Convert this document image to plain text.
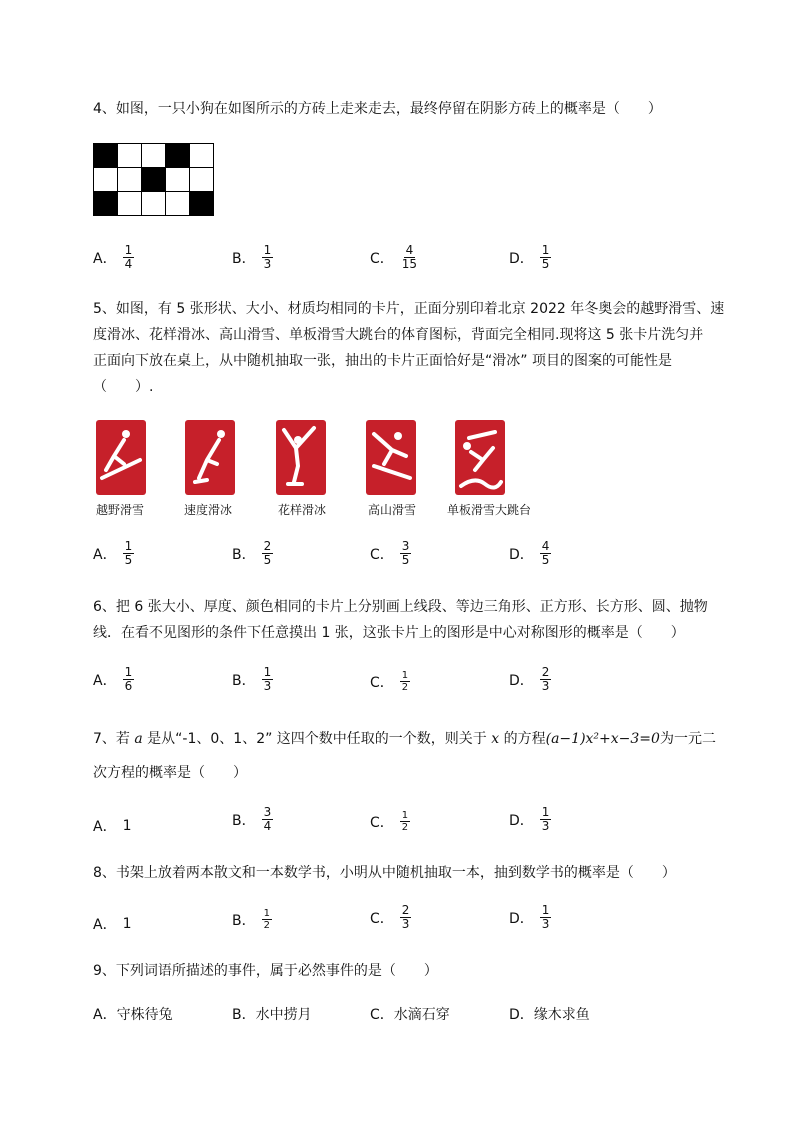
4、如图，一只小狗在如图所示的方砖上走来走去，最终停留在阴影方砖上的概率是（　　）
A． $\frac{1}{4}$	B． $\frac{1}{3}$	C． $\frac{4}{15}$	D． $\frac{1}{5}$
5、如图，有 5 张形状、大小、材质均相同的卡片，正面分别印着北京 2022 年冬奥会的越野滑雪、速
度滑冰、花样滑冰、高山滑雪、单板滑雪大跳台的体育图标，背面完全相同.现将这 5 张卡片洗匀并
正面向下放在桌上，从中随机抽取一张，抽出的卡片正面恰好是“滑冰” 项目的图案的可能性是
（　　）.
越野滑雪	速度滑冰	花样滑冰	高山滑雪	单板滑雪大跳台
A． $\frac{1}{5}$	B． $\frac{2}{5}$	C． $\frac{3}{5}$	D． $\frac{4}{5}$
6、把 6 张大小、厚度、颜色相同的卡片上分别画上线段、等边三角形、正方形、长方形、圆、抛物
线．在看不见图形的条件下任意摸出 1 张，这张卡片上的图形是中心对称图形的概率是（　　）
A． $\frac{1}{6}$	B． $\frac{1}{3}$	C． $\frac{1}{2}$	D． $\frac{2}{3}$
7、若 a 是从“-1、0、1、2” 这四个数中任取的一个数，则关于 x 的方程(a−1)x²+x−3=0为一元二
次方程的概率是（　　）
A． 1	B． $\frac{3}{4}$	C． $\frac{1}{2}$	D． $\frac{1}{3}$
8、书架上放着两本散文和一本数学书，小明从中随机抽取一本，抽到数学书的概率是（　　）
A． 1	B． $\frac{1}{2}$	C． $\frac{2}{3}$	D． $\frac{1}{3}$
9、下列词语所描述的事件，属于必然事件的是（　　）
A． 守株待兔	B． 水中捞月	C． 水滴石穿	D． 缘木求鱼
